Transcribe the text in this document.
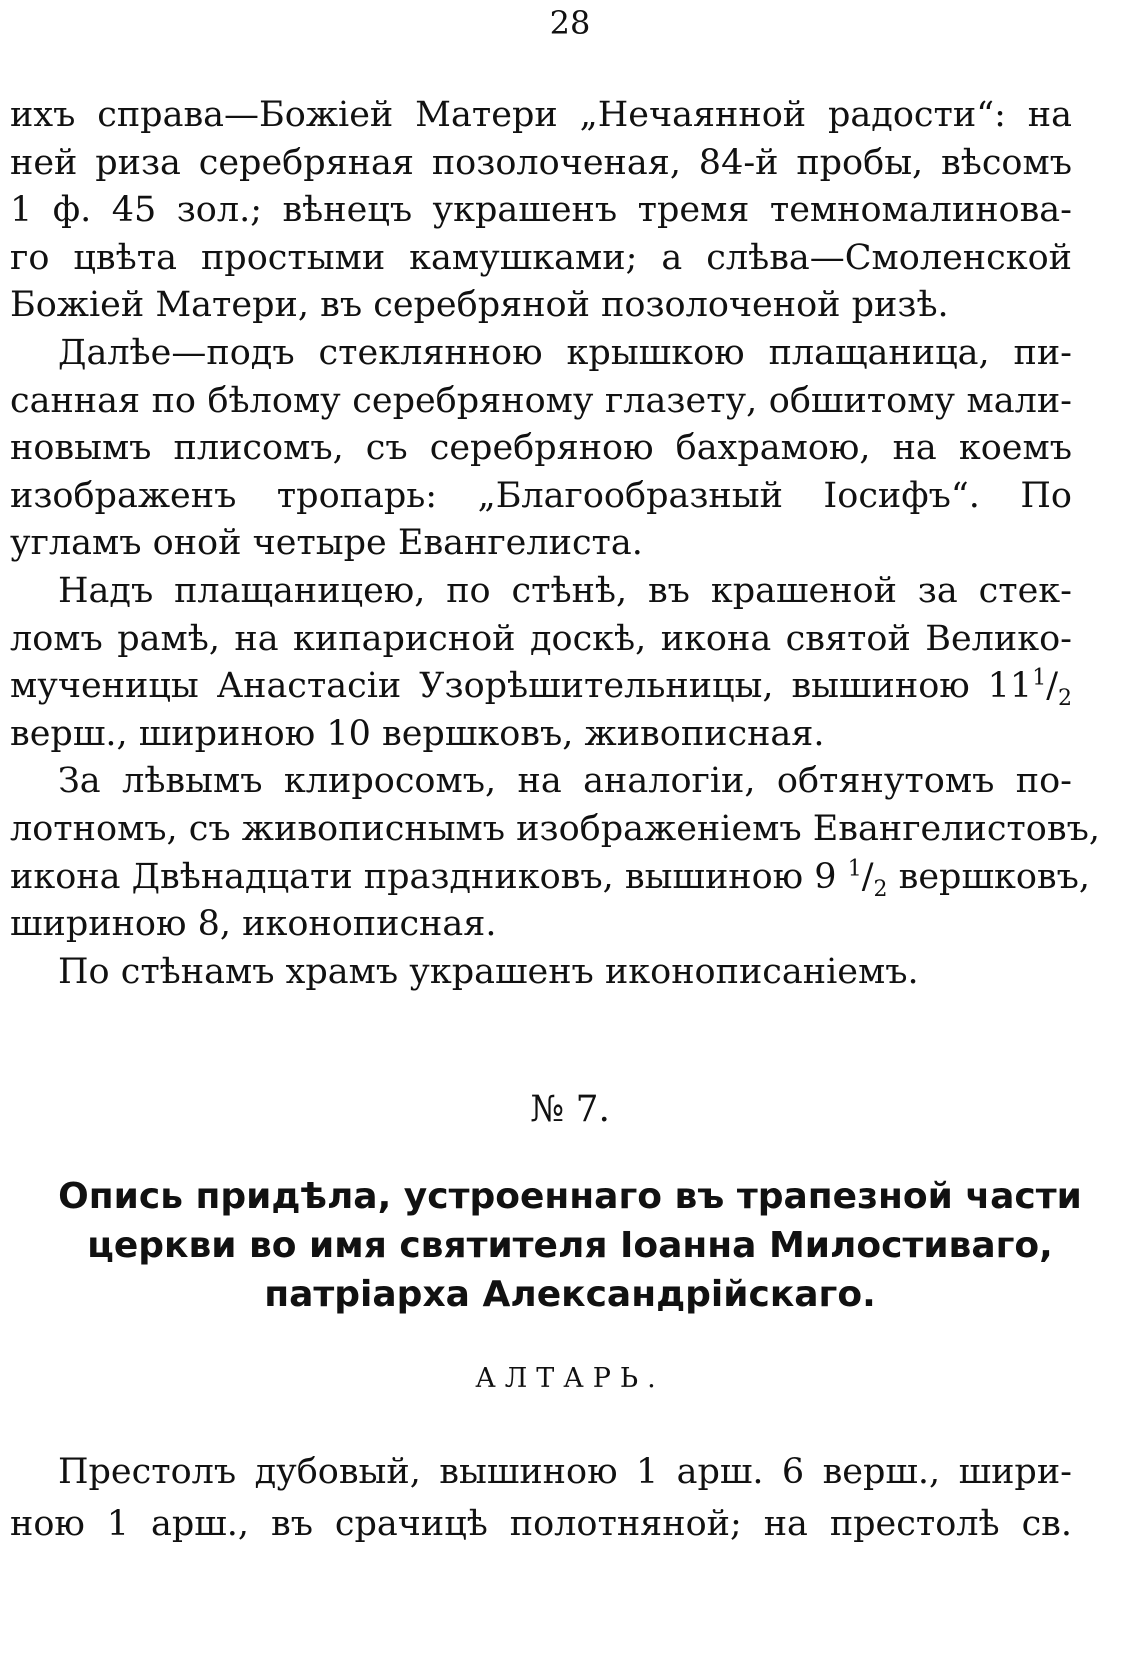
28
ихъ справа—Божіей Матери „Нечаянной радости“: на
ней риза серебряная позолоченая, 84-й пробы, вѣсомъ
1 ф. 45 зол.; вѣнецъ украшенъ тремя темномалинова-
го цвѣта простыми камушками; а слѣва—Смоленской
Божіей Матери, въ серебряной позолоченой ризѣ.
Далѣе—подъ стеклянною крышкою плащаница, пи-
санная по бѣлому серебряному глазету, обшитому мали-
новымъ плисомъ, съ серебряною бахрамою, на коемъ
изображенъ тропарь: „Благообразный Іосифъ“. По
угламъ оной четыре Евангелиста.
Надъ плащаницею, по стѣнѣ, въ крашеной за стек-
ломъ рамѣ, на кипарисной доскѣ, икона святой Велико-
мученицы Анастасіи Узорѣшительницы, вышиною $11^1/_2$
верш., шириною 10 вершковъ, живописная.
За лѣвымъ клиросомъ, на аналогіи, обтянутомъ по-
лотномъ, съ живописнымъ изображеніемъ Евангелистовъ,
икона Двѣнадцати праздниковъ, вышиною 9 $^1/_2$ вершковъ,
шириною 8, иконописная.
По стѣнамъ храмъ украшенъ иконописаніемъ.
№ 7.
Опись придѣла, устроеннаго въ трапезной части
церкви во имя святителя Іоанна Милостиваго,
патріарха Александрійскаго.
АЛТАРЬ.
Престолъ дубовый, вышиною 1 арш. 6 верш., шири-
ною 1 арш., въ срачицѣ полотняной; на престолѣ св.
